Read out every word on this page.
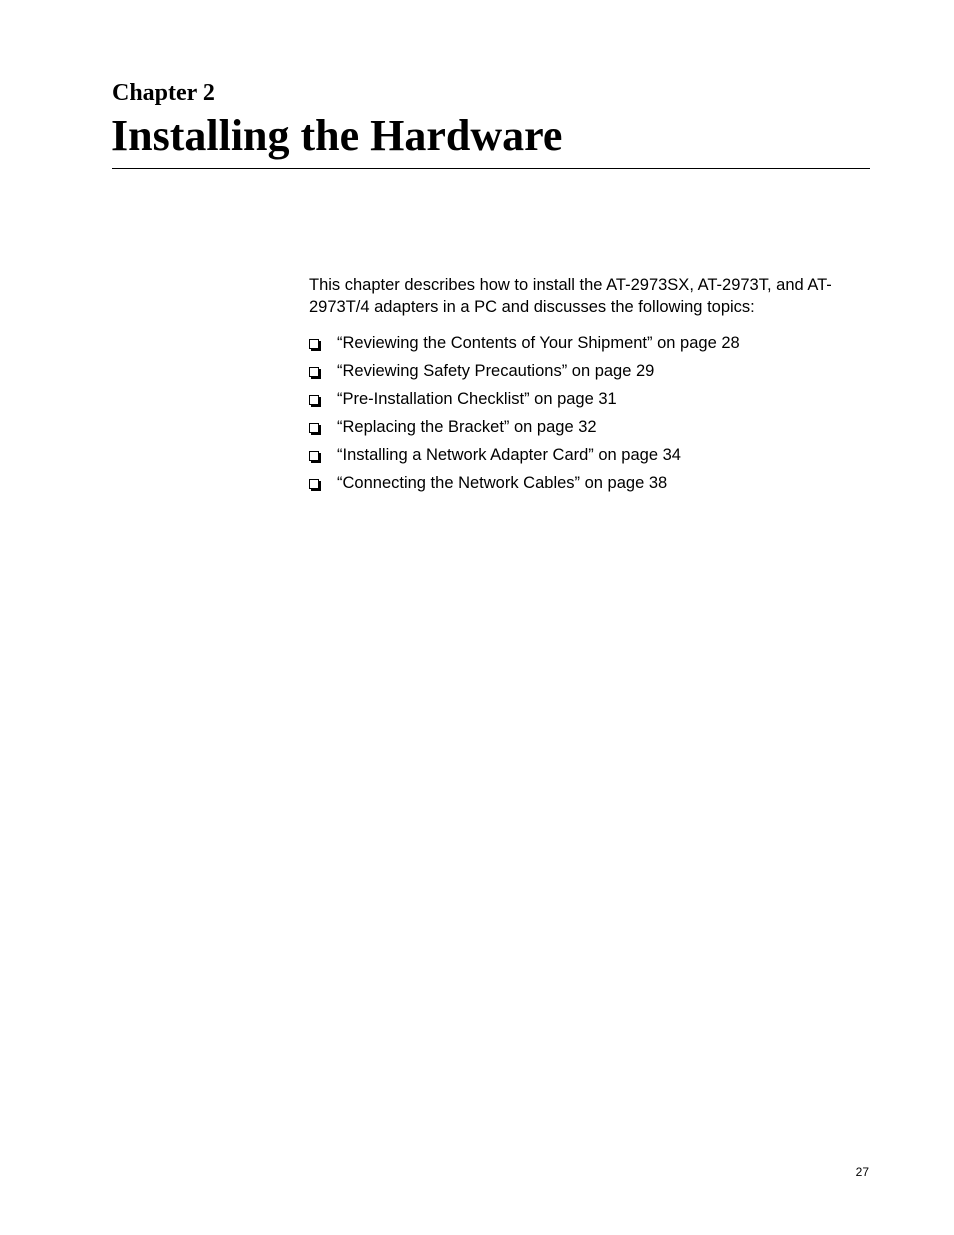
Chapter 2
Installing the Hardware

This chapter describes how to install the AT-2973SX, AT-2973T, and AT-2973T/4 adapters in a PC and discusses the following topics:

“Reviewing the Contents of Your Shipment” on page 28
“Reviewing Safety Precautions” on page 29
“Pre-Installation Checklist” on page 31
“Replacing the Bracket” on page 32
“Installing a Network Adapter Card” on page 34
“Connecting the Network Cables” on page 38
27
